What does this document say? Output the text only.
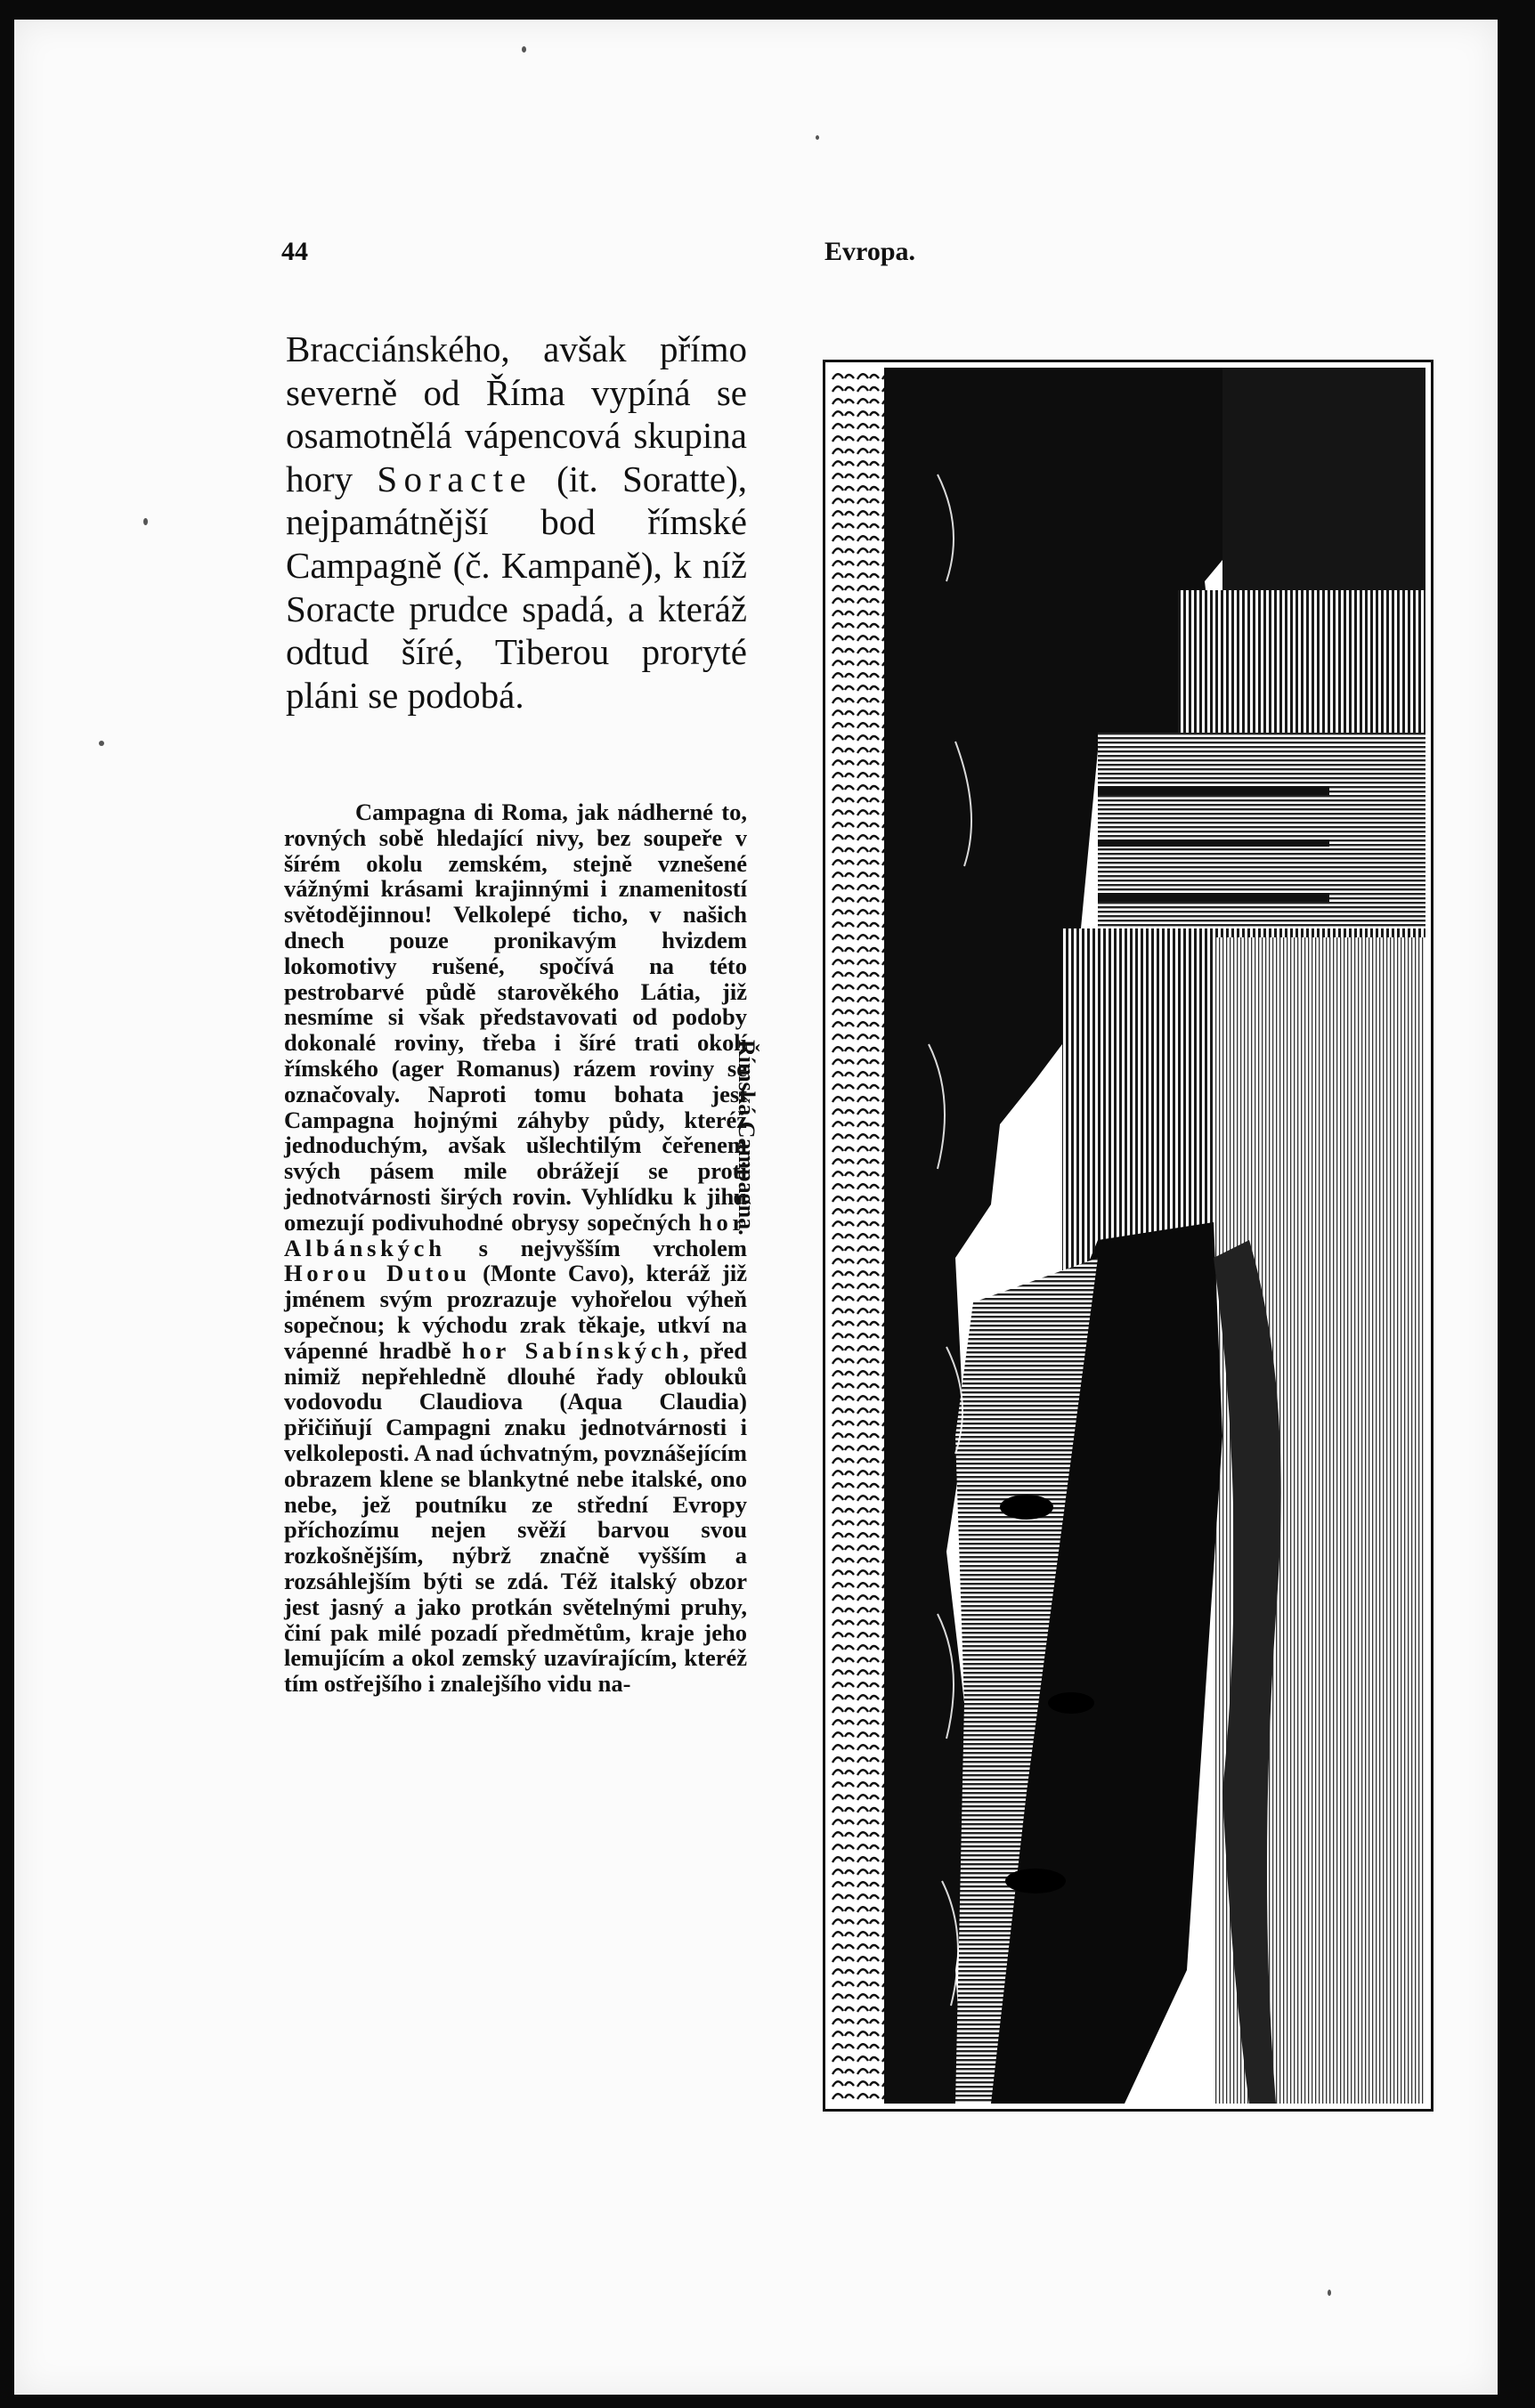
44	Evropa.

Bracciánského, avšak přímo severně od Říma vypíná se osamotnělá vápencová skupina hory Soracte (it. Soratte), nejpamátnější bod římské Campagně (č. Kampaně), k níž Soracte prudce spadá, a kteráž odtud šíré, Tiberou proryté pláni se podobá.

Campagna di Roma, jak nádherné to, rovných sobě hledající nivy, bez soupeře v šírém okolu zemském, stejně vznešené vážnými krásami krajinnými i znamenitostí světodějinnou! Velkolepé ticho, v našich dnech pouze pronikavým hvizdem lokomotivy rušené, spočívá na této pestrobarvé půdě starověkého Látia, již nesmíme si však představovati od podoby dokonalé roviny, třeba i šíré trati okolí římského (ager Romanus) rázem roviny se označovaly. Naproti tomu bohata jest Campagna hojnými záhyby půdy, kteréž jednoduchým, avšak ušlechtilým čeřenem svých pásem mile obrážejí se proti jednotvárnosti širých rovin. Vyhlídku k jihu omezují podivuhodné obrysy sopečných hor Albánských s nejvyšším vrcholem Horou Dutou (Monte Cavo), kteráž již jménem svým prozrazuje vyhořelou výheň sopečnou; k východu zrak těkaje, utkví na vápenné hradbě hor Sabínských, před nimiž nepřehledně dlouhé řady oblouků vodovodu Claudiova (Aqua Claudia) přičiňují Campagni znaku jednotvárnosti i velkoleposti. A nad úchvatným, povznášejícím obrazem klene se blankytné nebe italské, ono nebe, jež poutníku ze střední Evropy příchozímu nejen svěží barvou svou rozkošnějším, nýbrž značně vyšším a rozsáhlejším býti se zdá. Též italský obzor jest jasný a jako protkán světelnými pruhy, činí pak milé pozadí předmětům, kraje jeho lemujícím a okol zemský uzavírajícím, kteréž tím ostřejšího i znalejšího vidu na-

Římská Campagna.
